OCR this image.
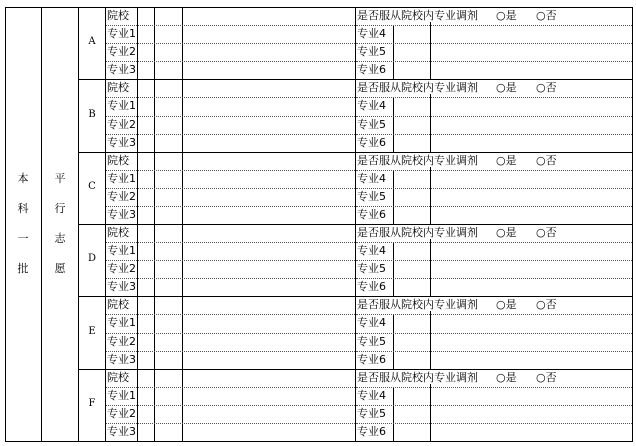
本
科
一
批
平
行
志
愿
A
院校
专业1
专业2
专业3
是否服从院校内专业调剂
专业4
专业5
专业6
○是 ○否
B
院校
专业1
专业2
专业3
是否服从院校内专业调剂
专业4
专业5
专业6
○是 ○否
C
院校
专业1
专业2
专业3
是否服从院校内专业调剂
专业4
专业5
专业6
○是 ○否
D
院校
专业1
专业2
专业3
是否服从院校内专业调剂
专业4
专业5
专业6
○是 ○否
E
院校
专业1
专业2
专业3
是否服从院校内专业调剂
专业4
专业5
专业6
○是 ○否
F
院校
专业1
专业2
专业3
是否服从院校内专业调剂
专业4
专业5
专业6
○是 ○否
